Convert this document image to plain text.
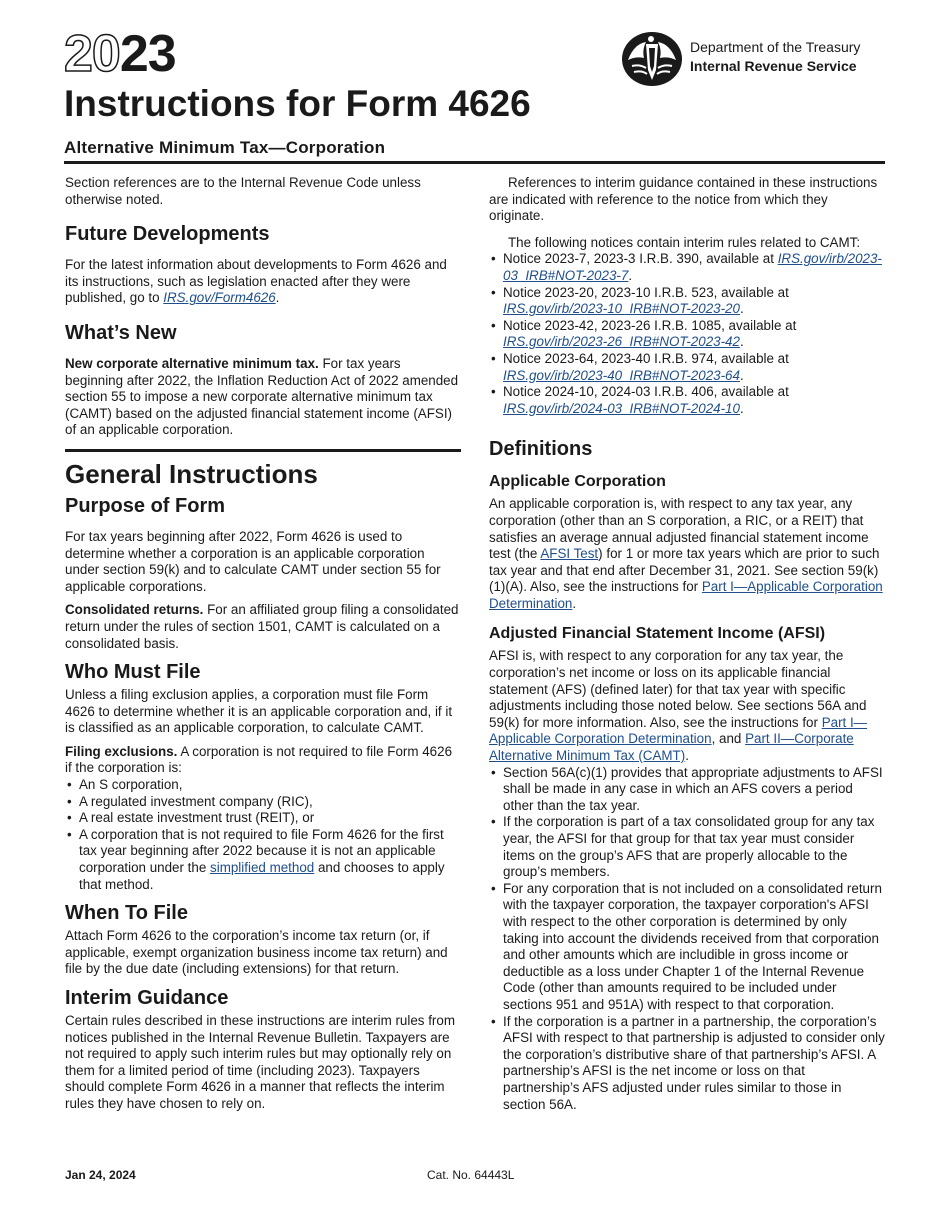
2023
Instructions for Form 4626
Alternative Minimum Tax—Corporation
Department of the Treasury
Internal Revenue Service

Section references are to the Internal Revenue Code unless otherwise noted.

Future Developments

For the latest information about developments to Form 4626 and its instructions, such as legislation enacted after they were published, go to IRS.gov/Form4626.

What’s New

New corporate alternative minimum tax. For tax years beginning after 2022, the Inflation Reduction Act of 2022 amended section 55 to impose a new corporate alternative minimum tax (CAMT) based on the adjusted financial statement income (AFSI) of an applicable corporation.

General Instructions
Purpose of Form

For tax years beginning after 2022, Form 4626 is used to determine whether a corporation is an applicable corporation under section 59(k) and to calculate CAMT under section 55 for applicable corporations.

Consolidated returns. For an affiliated group filing a consolidated return under the rules of section 1501, CAMT is calculated on a consolidated basis.

Who Must File

Unless a filing exclusion applies, a corporation must file Form 4626 to determine whether it is an applicable corporation and, if it is classified as an applicable corporation, to calculate CAMT.

Filing exclusions. A corporation is not required to file Form 4626 if the corporation is:

• An S corporation,
• A regulated investment company (RIC),
• A real estate investment trust (REIT), or
• A corporation that is not required to file Form 4626 for the first tax year beginning after 2022 because it is not an applicable corporation under the simplified method and chooses to apply that method.
When To File

Attach Form 4626 to the corporation’s income tax return (or, if applicable, exempt organization business income tax return) and file by the due date (including extensions) for that return.

Interim Guidance

Certain rules described in these instructions are interim rules from notices published in the Internal Revenue Bulletin. Taxpayers are not required to apply such interim rules but may optionally rely on them for a limited period of time (including 2023). Taxpayers should complete Form 4626 in a manner that reflects the interim rules they have chosen to rely on.

References to interim guidance contained in these instructions are indicated with reference to the notice from which they originate.

The following notices contain interim rules related to CAMT:

• Notice 2023-7, 2023-3 I.R.B. 390, available at IRS.gov/irb/2023-03_IRB#NOT-2023-7.
• Notice 2023-20, 2023-10 I.R.B. 523, available at IRS.gov/irb/2023-10_IRB#NOT-2023-20.
• Notice 2023-42, 2023-26 I.R.B. 1085, available at IRS.gov/irb/2023-26_IRB#NOT-2023-42.
• Notice 2023-64, 2023-40 I.R.B. 974, available at IRS.gov/irb/2023-40_IRB#NOT-2023-64.
• Notice 2024-10, 2024-03 I.R.B. 406, available at IRS.gov/irb/2024-03_IRB#NOT-2024-10.
Definitions
Applicable Corporation

An applicable corporation is, with respect to any tax year, any corporation (other than an S corporation, a RIC, or a REIT) that satisfies an average annual adjusted financial statement income test (the AFSI Test) for 1 or more tax years which are prior to such tax year and that end after December 31, 2021. See section 59(k)(1)(A). Also, see the instructions for Part I—Applicable Corporation Determination.

Adjusted Financial Statement Income (AFSI)

AFSI is, with respect to any corporation for any tax year, the corporation’s net income or loss on its applicable financial statement (AFS) (defined later) for that tax year with specific adjustments including those noted below. See sections 56A and 59(k) for more information. Also, see the instructions for Part I—Applicable Corporation Determination, and Part II—Corporate Alternative Minimum Tax (CAMT).

• Section 56A(c)(1) provides that appropriate adjustments to AFSI shall be made in any case in which an AFS covers a period other than the tax year.
• If the corporation is part of a tax consolidated group for any tax year, the AFSI for that group for that tax year must consider items on the group’s AFS that are properly allocable to the group’s members.
• For any corporation that is not included on a consolidated return with the taxpayer corporation, the taxpayer corporation's AFSI with respect to the other corporation is determined by only taking into account the dividends received from that corporation and other amounts which are includible in gross income or deductible as a loss under Chapter 1 of the Internal Revenue Code (other than amounts required to be included under sections 951 and 951A) with respect to that corporation.
• If the corporation is a partner in a partnership, the corporation’s AFSI with respect to that partnership is adjusted to consider only the corporation’s distributive share of that partnership’s AFSI. A partnership’s AFSI is the net income or loss on that partnership’s AFS adjusted under rules similar to those in section 56A.
Jan 24, 2024	Cat. No. 64443L
